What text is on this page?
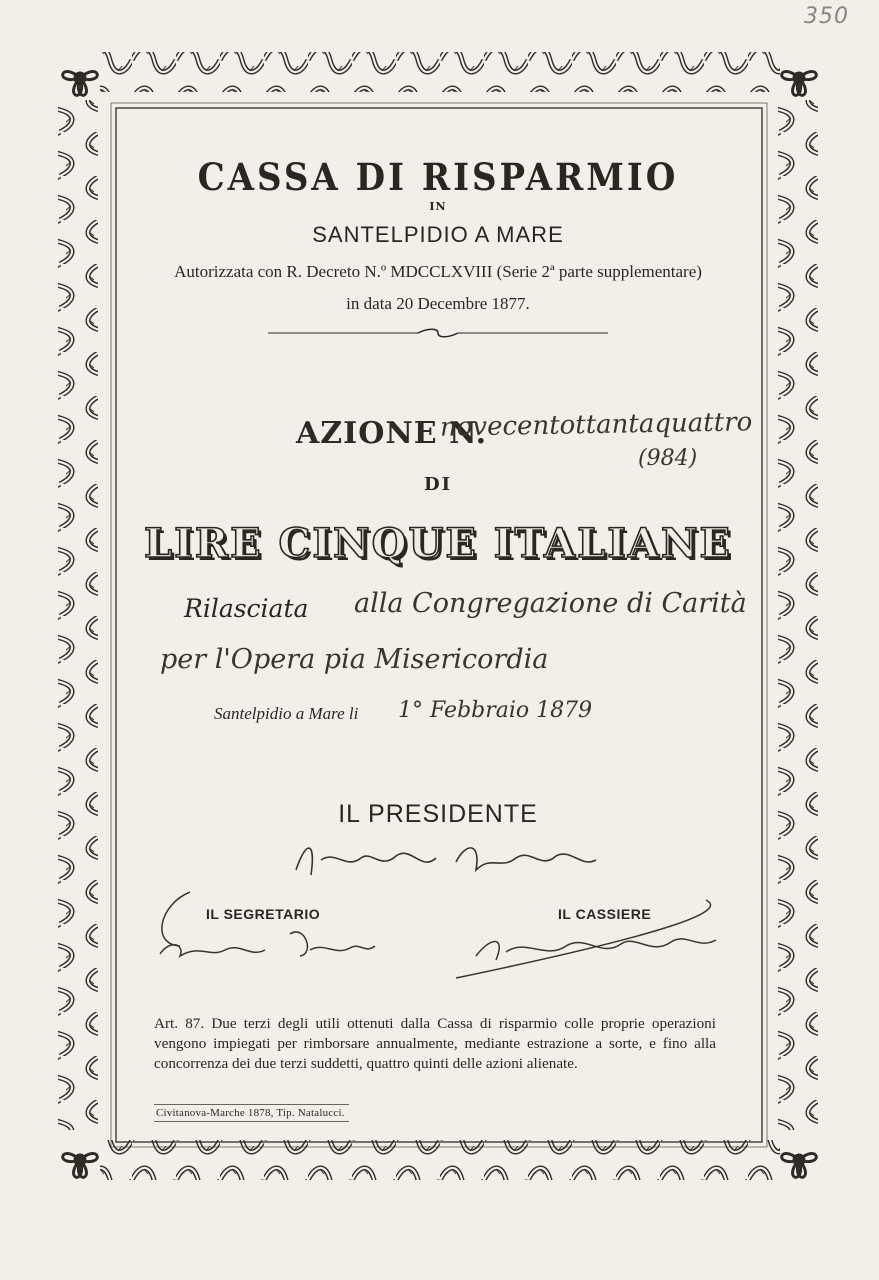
350
CASSA DI RISPARMIO
IN
SANTELPIDIO A MARE
Autorizzata con R. Decreto N.º MDCCLXVIII (Serie 2ª parte supplementare)
in data 20 Decembre 1877.
AZIONE N.
novecentottantaquattro
(984)
DI
LIRE CINQUE ITALIANE
Rilasciata alla Congregazione di Carità
per l'Opera pia Misericordia
Santelpidio a Mare li 1° Febbraio 1879
IL PRESIDENTE
IL SEGRETARIO	IL CASSIERE
Art. 87. Due terzi degli utili ottenuti dalla Cassa di risparmio colle proprie operazioni vengono impiegati per rimborsare annualmente, mediante estrazione a sorte, e fino alla concorrenza dei due terzi suddetti, quattro quinti delle azioni alienate.
Civitanova-Marche 1878, Tip. Natalucci.
